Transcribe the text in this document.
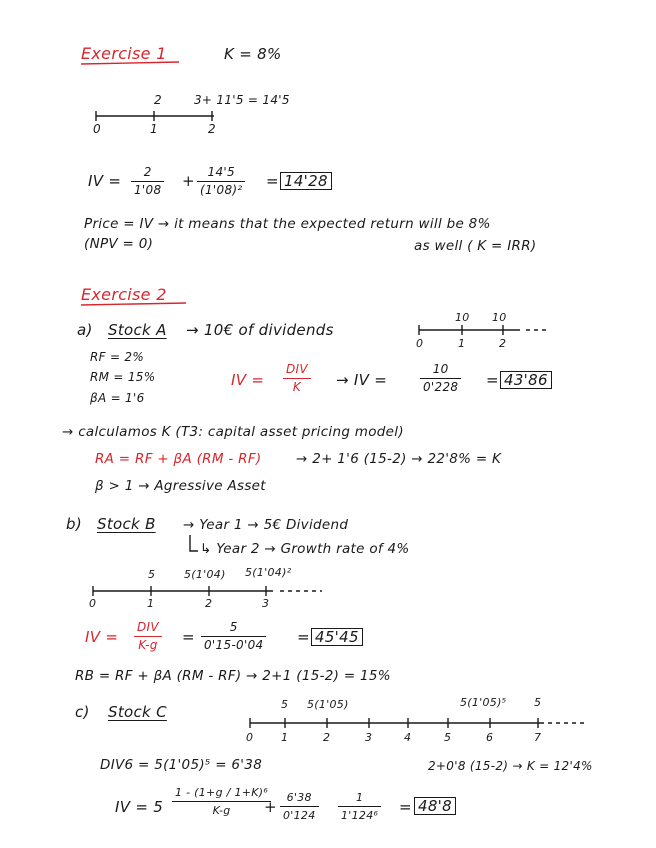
Exercise 1	K = 8%
2	3+ 11'5 = 14'5
0	1	2
IV = $\frac{2}{1'08} + \frac{14'5}{\text{(1'08)²}} = 14'28$
Price = IV → it means that the expected return will be 8%
(NPV = 0)	as well ( K = IRR)
Exercise 2
a) Stock A → 10€ of dividends
10 10
0	1	2
RF = 2%
RM = 15%
βA = 1'6
IV =
DIV
K	→ IV =	$\frac{10}{0'228} = 43'86$
→ calculamos K (T3: capital asset pricing model)
RA = RF + βA (RM - RF)	→ 2+ 1'6 (15-2) → 22'8% = K
β > 1 → Agressive Asset
b) Stock B → Year 1 → 5€ Dividend
↳ Year 2 → Growth rate of 4%
5	5(1'04) 5(1'04)²
0	1	2	3
IV =
DIV
$K-g = \frac{5}{0'15-0'04} = 45'45$
RB = RF + βA (RM - RF) → 2+1 (15-2) = 15%
c) Stock C	5 5(1'05)	5(1'05)⁵	5
0	1	2	3	4	5	6	7
DIV6 = 5(1'05)⁵ = 6'38	2+0'8 (15-2) → K = 12'4%
IV = $5 \frac{\text{1 - (1+g / 1+K)⁶}}{K-g}$
+ $\frac{6'38}{0'124} \frac{1}{\text{1'124⁶}} = 48'8$
